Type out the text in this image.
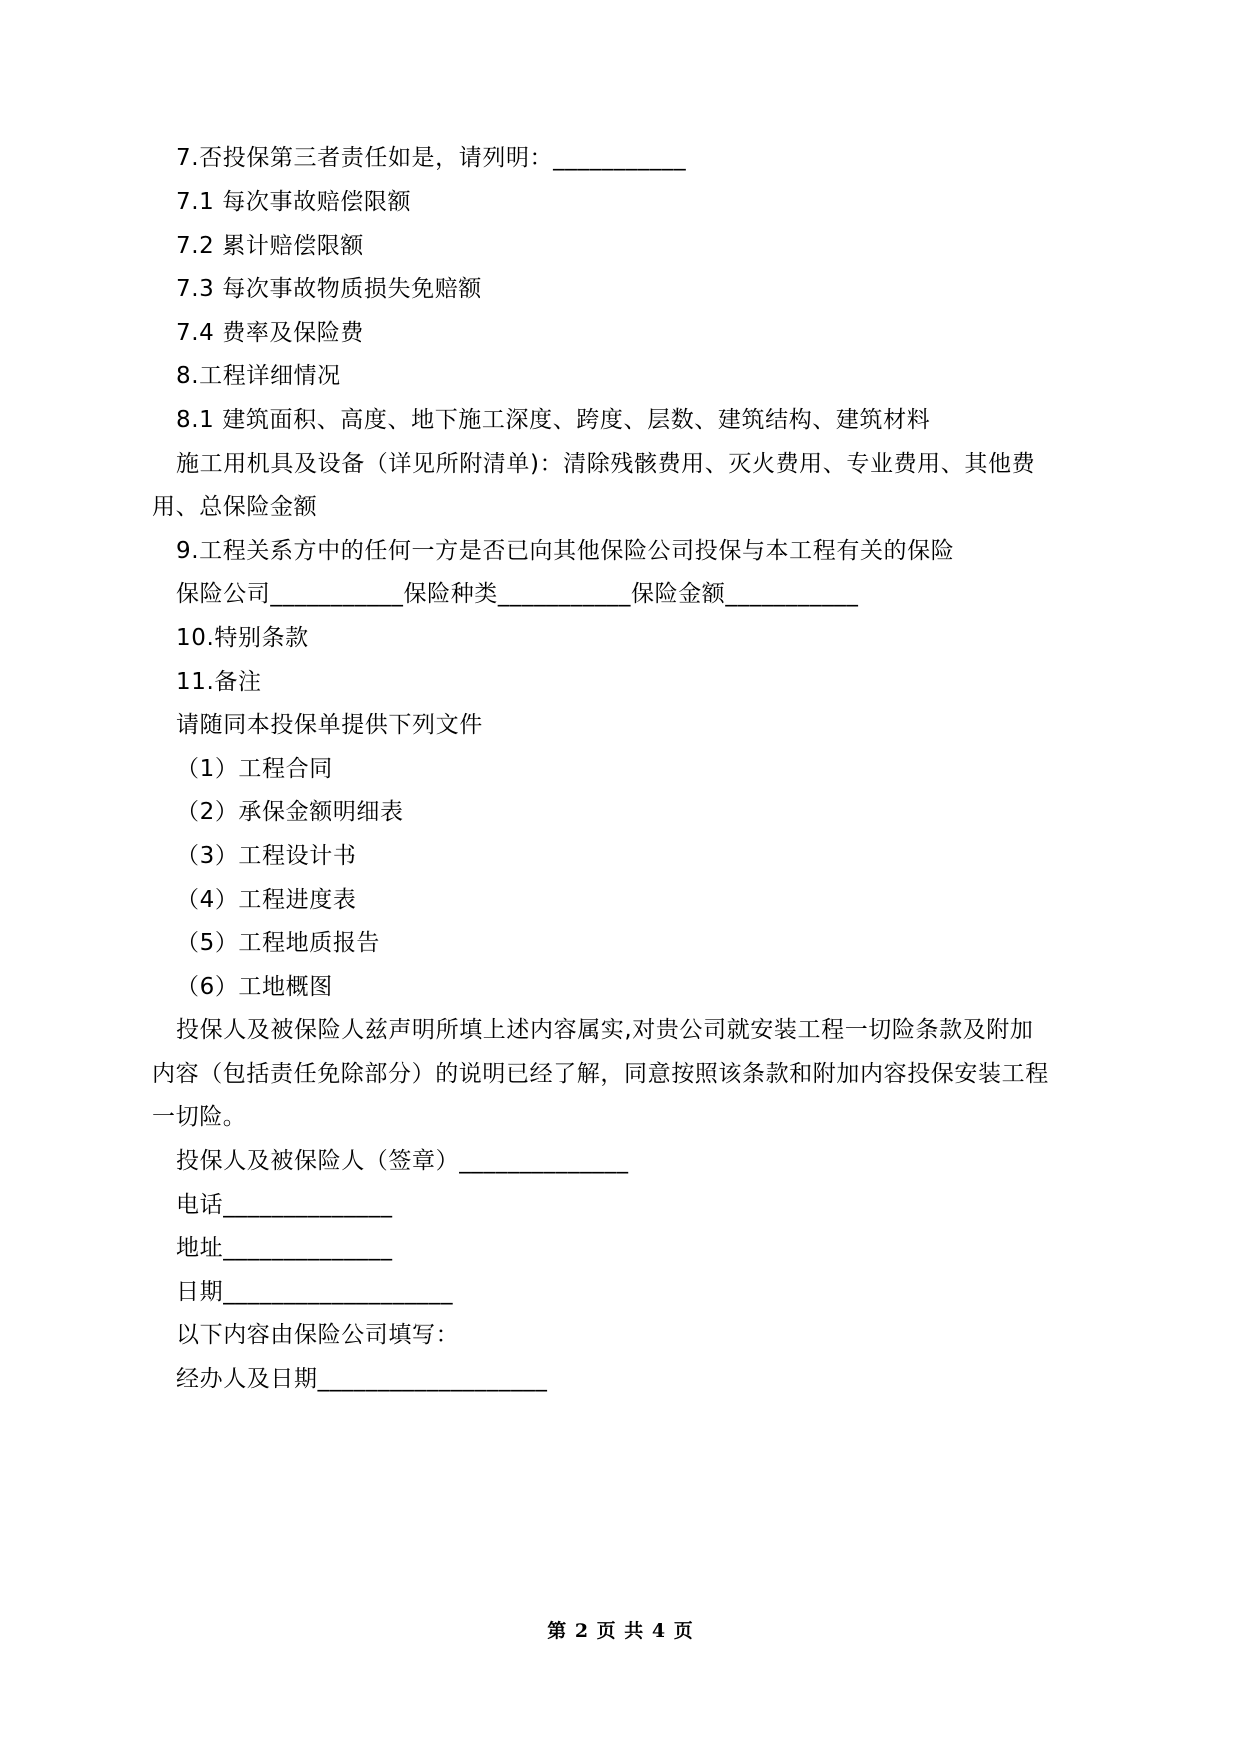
7.否投保第三者责任如是，请列明：___________
7.1 每次事故赔偿限额
7.2 累计赔偿限额
7.3 每次事故物质损失免赔额
7.4 费率及保险费
8.工程详细情况
8.1 建筑面积、高度、地下施工深度、跨度、层数、建筑结构、建筑材料
施工用机具及设备（详见所附清单)：清除残骸费用、灭火费用、专业费用、其他费
用、总保险金额
9.工程关系方中的任何一方是否已向其他保险公司投保与本工程有关的保险
保险公司___________保险种类___________保险金额___________
10.特别条款
11.备注
请随同本投保单提供下列文件
（1）工程合同
（2）承保金额明细表
（3）工程设计书
（4）工程进度表
（5）工程地质报告
（6）工地概图
投保人及被保险人兹声明所填上述内容属实,对贵公司就安装工程一切险条款及附加
内容（包括责任免除部分）的说明已经了解，同意按照该条款和附加内容投保安装工程
一切险。
投保人及被保险人（签章）______________
电话______________
地址______________
日期___________________
以下内容由保险公司填写：
经办人及日期___________________
第 2 页 共 4 页
